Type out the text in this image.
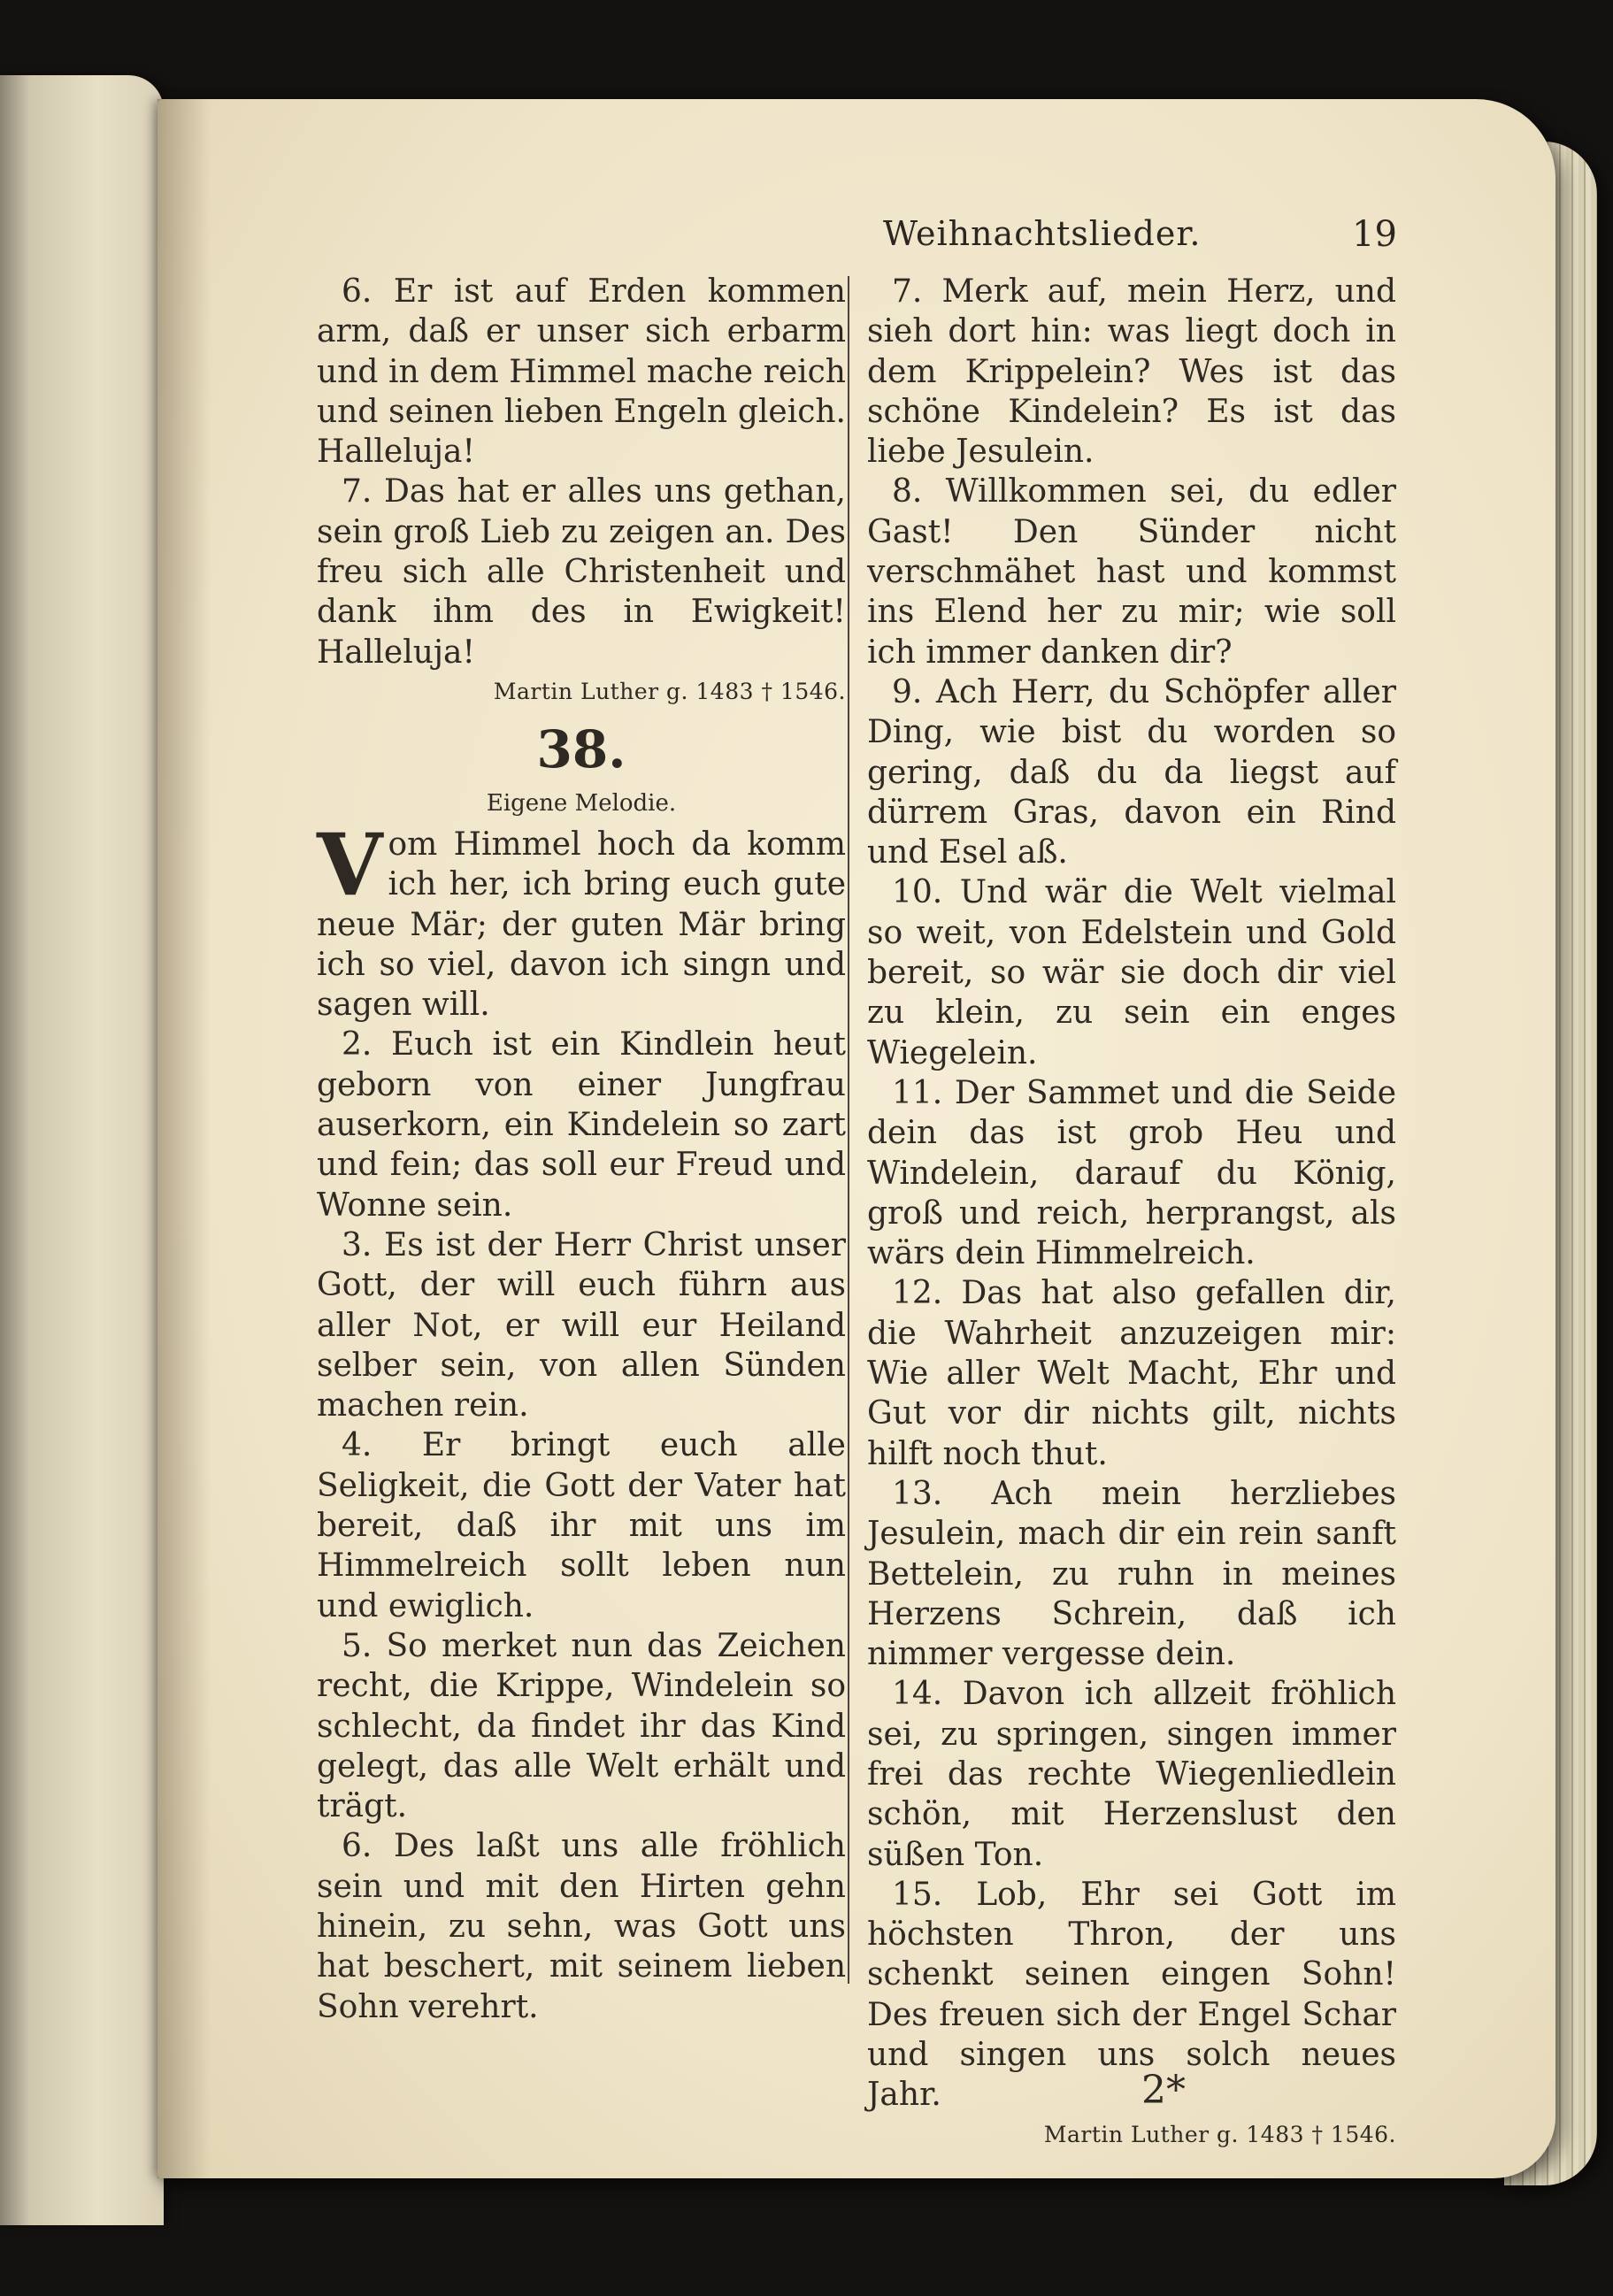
Weihnachtslieder.	19

6. Er ist auf Erden kommen arm, daß er unser sich erbarm und in dem Himmel mache reich und seinen lieben Engeln gleich. Halleluja!

7. Das hat er alles uns gethan, sein groß Lieb zu zeigen an. Des freu sich alle Christenheit und dank ihm des in Ewigkeit! Halleluja!

Martin Luther g. 1483 † 1546.

38.
Eigene Melodie.

Vom Himmel hoch da komm ich her, ich bring euch gute neue Mär; der guten Mär bring ich so viel, davon ich singn und sagen will.

2. Euch ist ein Kindlein heut geborn von einer Jungfrau auserkorn, ein Kindelein so zart und fein; das soll eur Freud und Wonne sein.

3. Es ist der Herr Christ unser Gott, der will euch führn aus aller Not, er will eur Heiland selber sein, von allen Sünden machen rein.

4. Er bringt euch alle Seligkeit, die Gott der Vater hat bereit, daß ihr mit uns im Himmelreich sollt leben nun und ewiglich.

5. So merket nun das Zeichen recht, die Krippe, Windelein so schlecht, da findet ihr das Kind gelegt, das alle Welt erhält und trägt.

6. Des laßt uns alle fröhlich sein und mit den Hirten gehn hinein, zu sehn, was Gott uns hat beschert, mit seinem lieben Sohn verehrt.

7. Merk auf, mein Herz, und sieh dort hin: was liegt doch in dem Krippelein? Wes ist das schöne Kindelein? Es ist das liebe Jesulein.

8. Willkommen sei, du edler Gast! Den Sünder nicht verschmähet hast und kommst ins Elend her zu mir; wie soll ich immer danken dir?

9. Ach Herr, du Schöpfer aller Ding, wie bist du worden so gering, daß du da liegst auf dürrem Gras, davon ein Rind und Esel aß.

10. Und wär die Welt vielmal so weit, von Edelstein und Gold bereit, so wär sie doch dir viel zu klein, zu sein ein enges Wiegelein.

11. Der Sammet und die Seide dein das ist grob Heu und Windelein, darauf du König, groß und reich, herprangst, als wärs dein Himmelreich.

12. Das hat also gefallen dir, die Wahrheit anzuzeigen mir: Wie aller Welt Macht, Ehr und Gut vor dir nichts gilt, nichts hilft noch thut.

13. Ach mein herzliebes Jesulein, mach dir ein rein sanft Bettelein, zu ruhn in meines Herzens Schrein, daß ich nimmer vergesse dein.

14. Davon ich allzeit fröhlich sei, zu springen, singen immer frei das rechte Wiegenliedlein schön, mit Herzenslust den süßen Ton.

15. Lob, Ehr sei Gott im höchsten Thron, der uns schenkt seinen eingen Sohn! Des freuen sich der Engel Schar und singen uns solch neues Jahr.

Martin Luther g. 1483 † 1546.

2*
